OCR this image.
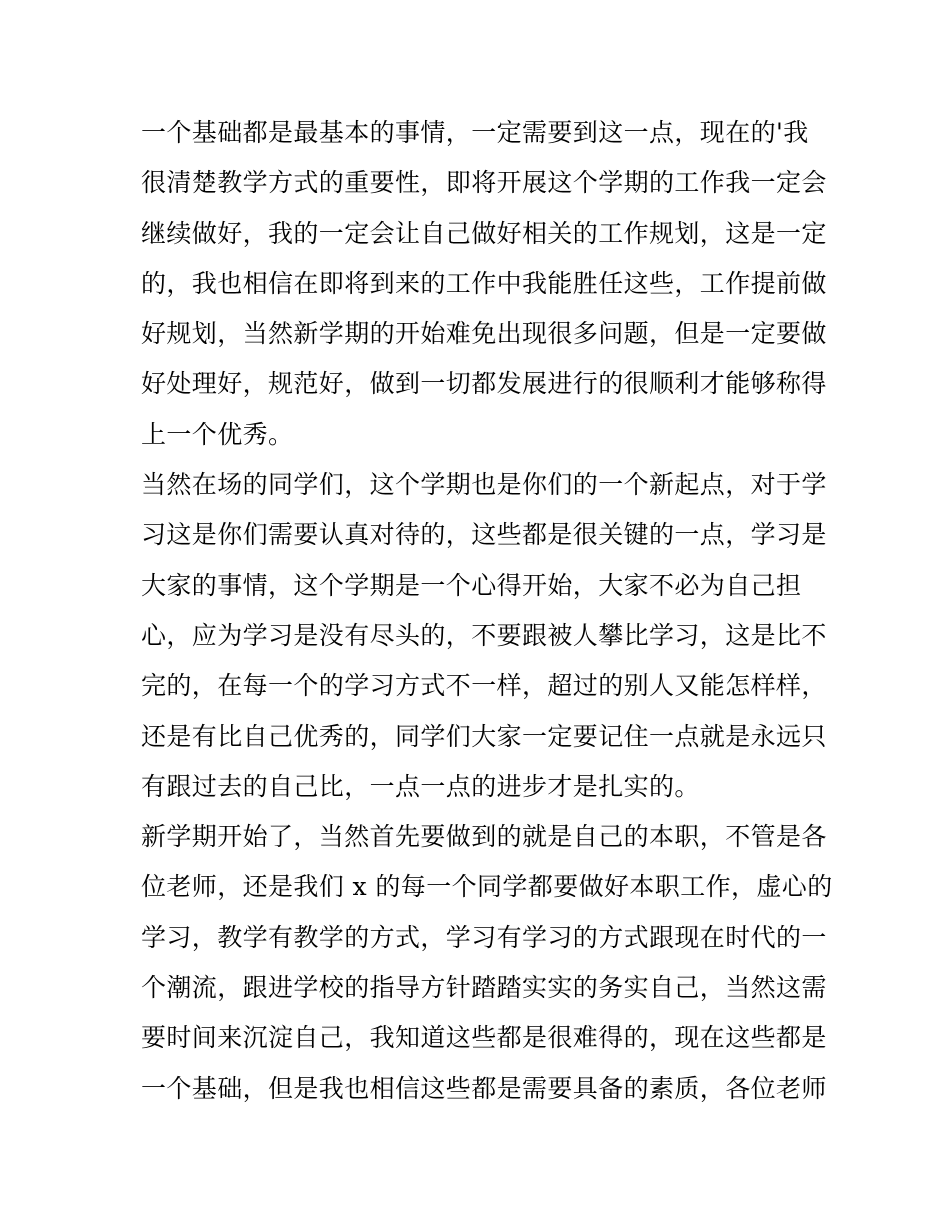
一个基础都是最基本的事情，一定需要到这一点，现在的'我
很清楚教学方式的重要性，即将开展这个学期的工作我一定会
继续做好，我的一定会让自己做好相关的工作规划，这是一定
的，我也相信在即将到来的工作中我能胜任这些，工作提前做
好规划，当然新学期的开始难免出现很多问题，但是一定要做
好处理好，规范好，做到一切都发展进行的很顺利才能够称得
上一个优秀。
当然在场的同学们，这个学期也是你们的一个新起点，对于学
习这是你们需要认真对待的，这些都是很关键的一点，学习是
大家的事情，这个学期是一个心得开始，大家不必为自己担
心，应为学习是没有尽头的，不要跟被人攀比学习，这是比不
完的，在每一个的学习方式不一样，超过的别人又能怎样样，
还是有比自己优秀的，同学们大家一定要记住一点就是永远只
有跟过去的自己比，一点一点的进步才是扎实的。
新学期开始了，当然首先要做到的就是自己的本职，不管是各
位老师，还是我们 x 的每一个同学都要做好本职工作，虚心的
学习，教学有教学的方式，学习有学习的方式跟现在时代的一
个潮流，跟进学校的指导方针踏踏实实的务实自己，当然这需
要时间来沉淀自己，我知道这些都是很难得的，现在这些都是
一个基础，但是我也相信这些都是需要具备的素质，各位老师
